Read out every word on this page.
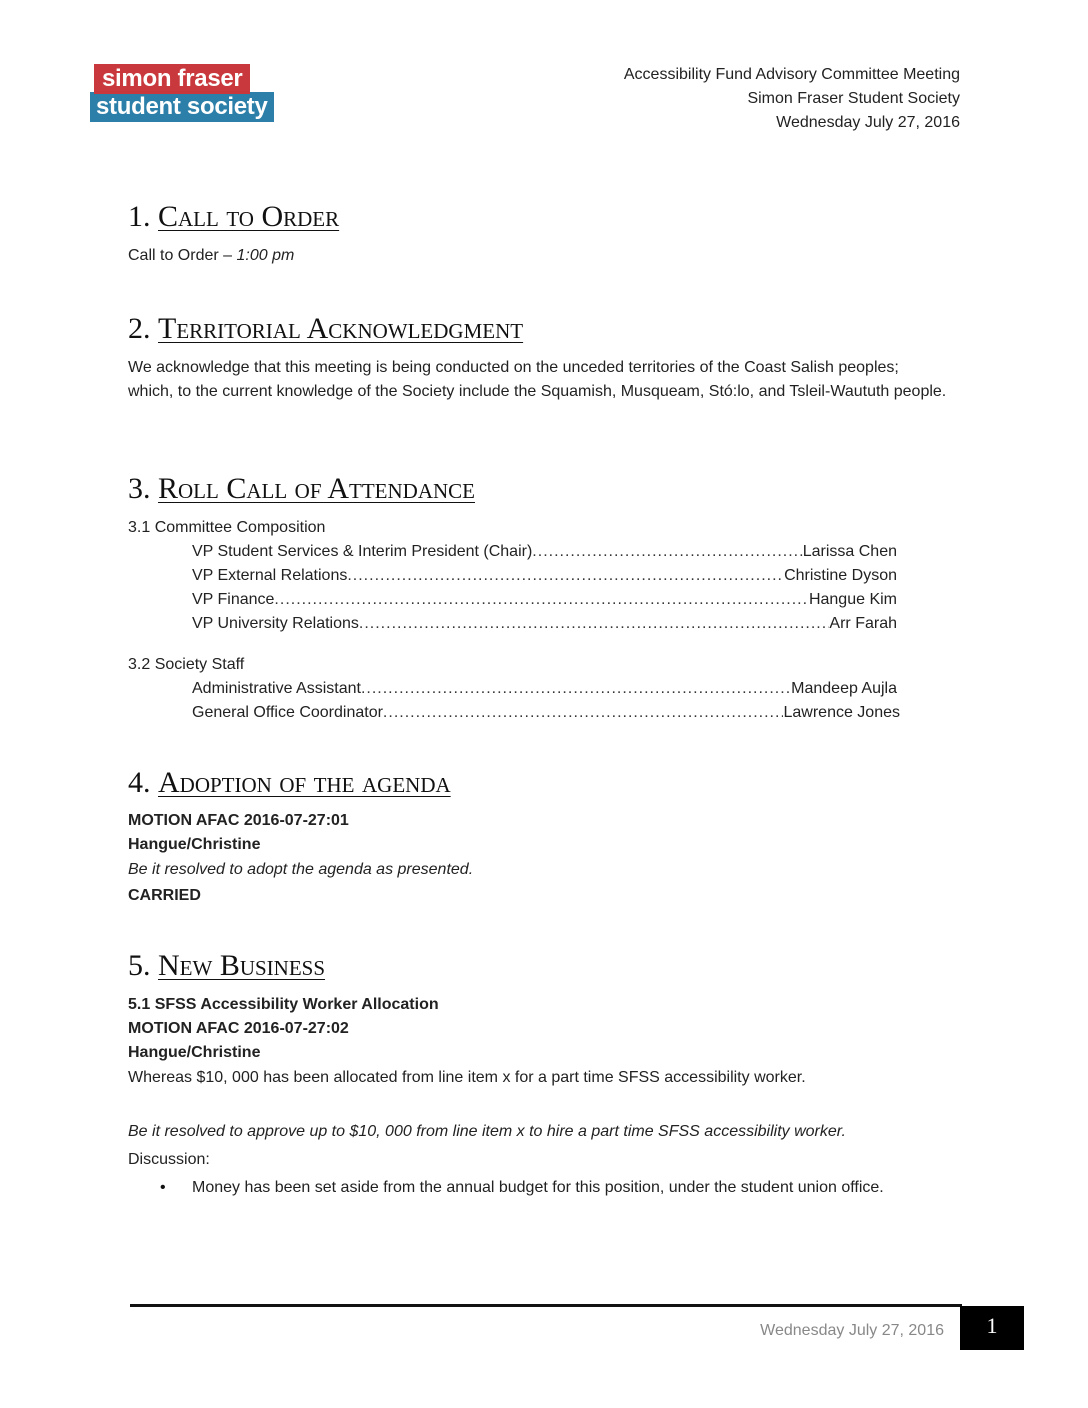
simon fraser
student society
Accessibility Fund Advisory Committee Meeting
Simon Fraser Student Society
Wednesday July 27, 2016
1. Call to Order
Call to Order – 1:00 pm
2. Territorial Acknowledgment
We acknowledge that this meeting is being conducted on the unceded territories of the Coast Salish peoples; which, to the current knowledge of the Society include the Squamish, Musqueam, Stó:lo, and Tsleil-Waututh people.
3. Roll Call of Attendance
3.1 Committee Composition
VP Student Services & Interim President (Chair) .....	Larissa Chen
VP External Relations .....	Christine Dyson
VP Finance .....	Hangue Kim
VP University Relations .....	Arr Farah
3.2 Society Staff
Administrative Assistant .....	Mandeep Aujla
General Office Coordinator .....	Lawrence Jones
4. Adoption of the agenda
MOTION AFAC 2016-07-27:01
Hangue/Christine
Be it resolved to adopt the agenda as presented.
CARRIED
5. New Business
5.1 SFSS Accessibility Worker Allocation
MOTION AFAC 2016-07-27:02
Hangue/Christine
Whereas $10, 000 has been allocated from line item x for a part time SFSS accessibility worker.
Be it resolved to approve up to $10, 000 from line item x to hire a part time SFSS accessibility worker.
Discussion:
• Money has been set aside from the annual budget for this position, under the student union office.
Wednesday July 27, 2016	1
